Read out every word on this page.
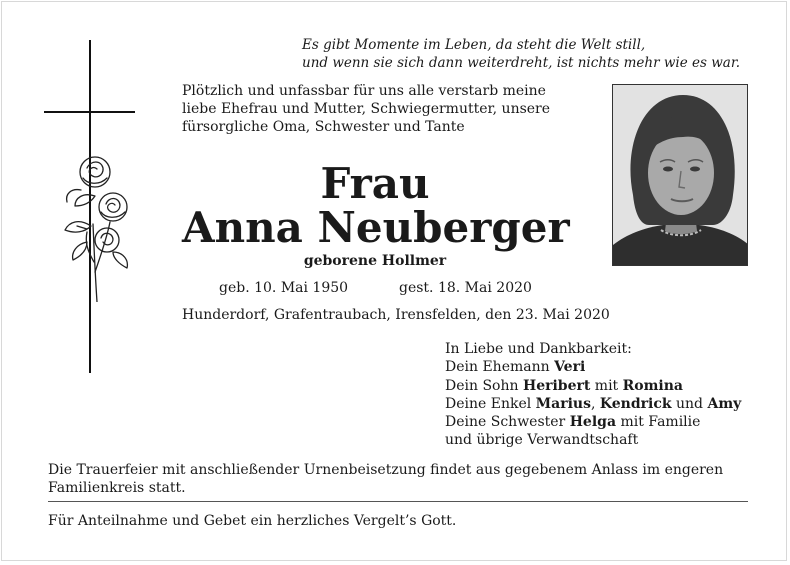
Es gibt Momente im Leben, da steht die Welt still,
und wenn sie sich dann weiterdreht, ist nichts mehr wie es war.
Plötzlich und unfassbar für uns alle verstarb meine
liebe Ehefrau und Mutter, Schwiegermutter, unsere
fürsorgliche Oma, Schwester und Tante
Frau
Anna Neuberger
geborene Hollmer
geb. 10. Mai 1950	gest. 18. Mai 2020
Hunderdorf, Grafentraubach, Irensfelden, den 23. Mai 2020
In Liebe und Dankbarkeit:
Dein Ehemann Veri
Dein Sohn Heribert mit Romina
Deine Enkel Marius, Kendrick und Amy
Deine Schwester Helga mit Familie
und übrige Verwandtschaft
Die Trauerfeier mit anschließender Urnenbeisetzung findet aus gegebenem Anlass im engeren Familienkreis statt.
Für Anteilnahme und Gebet ein herzliches Vergelt’s Gott.
